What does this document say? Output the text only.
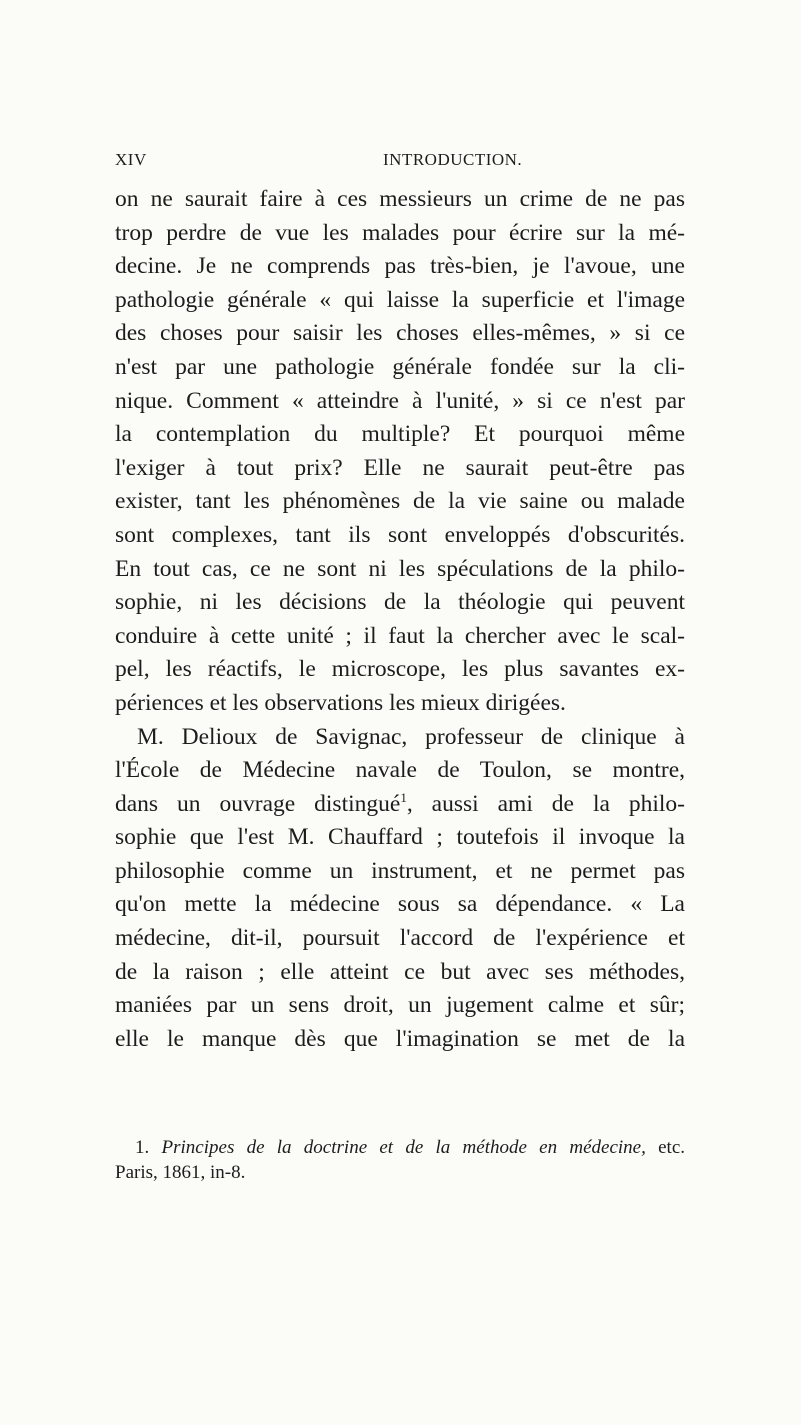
XIV	INTRODUCTION.
on ne saurait faire à ces messieurs un crime de ne pas
trop perdre de vue les malades pour écrire sur la mé-
decine. Je ne comprends pas très-bien, je l'avoue, une
pathologie générale « qui laisse la superficie et l'image
des choses pour saisir les choses elles-mêmes, » si ce
n'est par une pathologie générale fondée sur la cli-
nique. Comment « atteindre à l'unité, » si ce n'est par
la contemplation du multiple? Et pourquoi même
l'exiger à tout prix? Elle ne saurait peut-être pas
exister, tant les phénomènes de la vie saine ou malade
sont complexes, tant ils sont enveloppés d'obscurités.
En tout cas, ce ne sont ni les spéculations de la philo-
sophie, ni les décisions de la théologie qui peuvent
conduire à cette unité ; il faut la chercher avec le scal-
pel, les réactifs, le microscope, les plus savantes ex-
périences et les observations les mieux dirigées.
M. Delioux de Savignac, professeur de clinique à
l'École de Médecine navale de Toulon, se montre,
dans un ouvrage distingué$^1$, aussi ami de la philo-
sophie que l'est M. Chauffard ; toutefois il invoque la
philosophie comme un instrument, et ne permet pas
qu'on mette la médecine sous sa dépendance. « La
médecine, dit-il, poursuit l'accord de l'expérience et
de la raison ; elle atteint ce but avec ses méthodes,
maniées par un sens droit, un jugement calme et sûr;
elle le manque dès que l'imagination se met de la
1. Principes de la doctrine et de la méthode en médecine, etc.
Paris, 1861, in-8.
